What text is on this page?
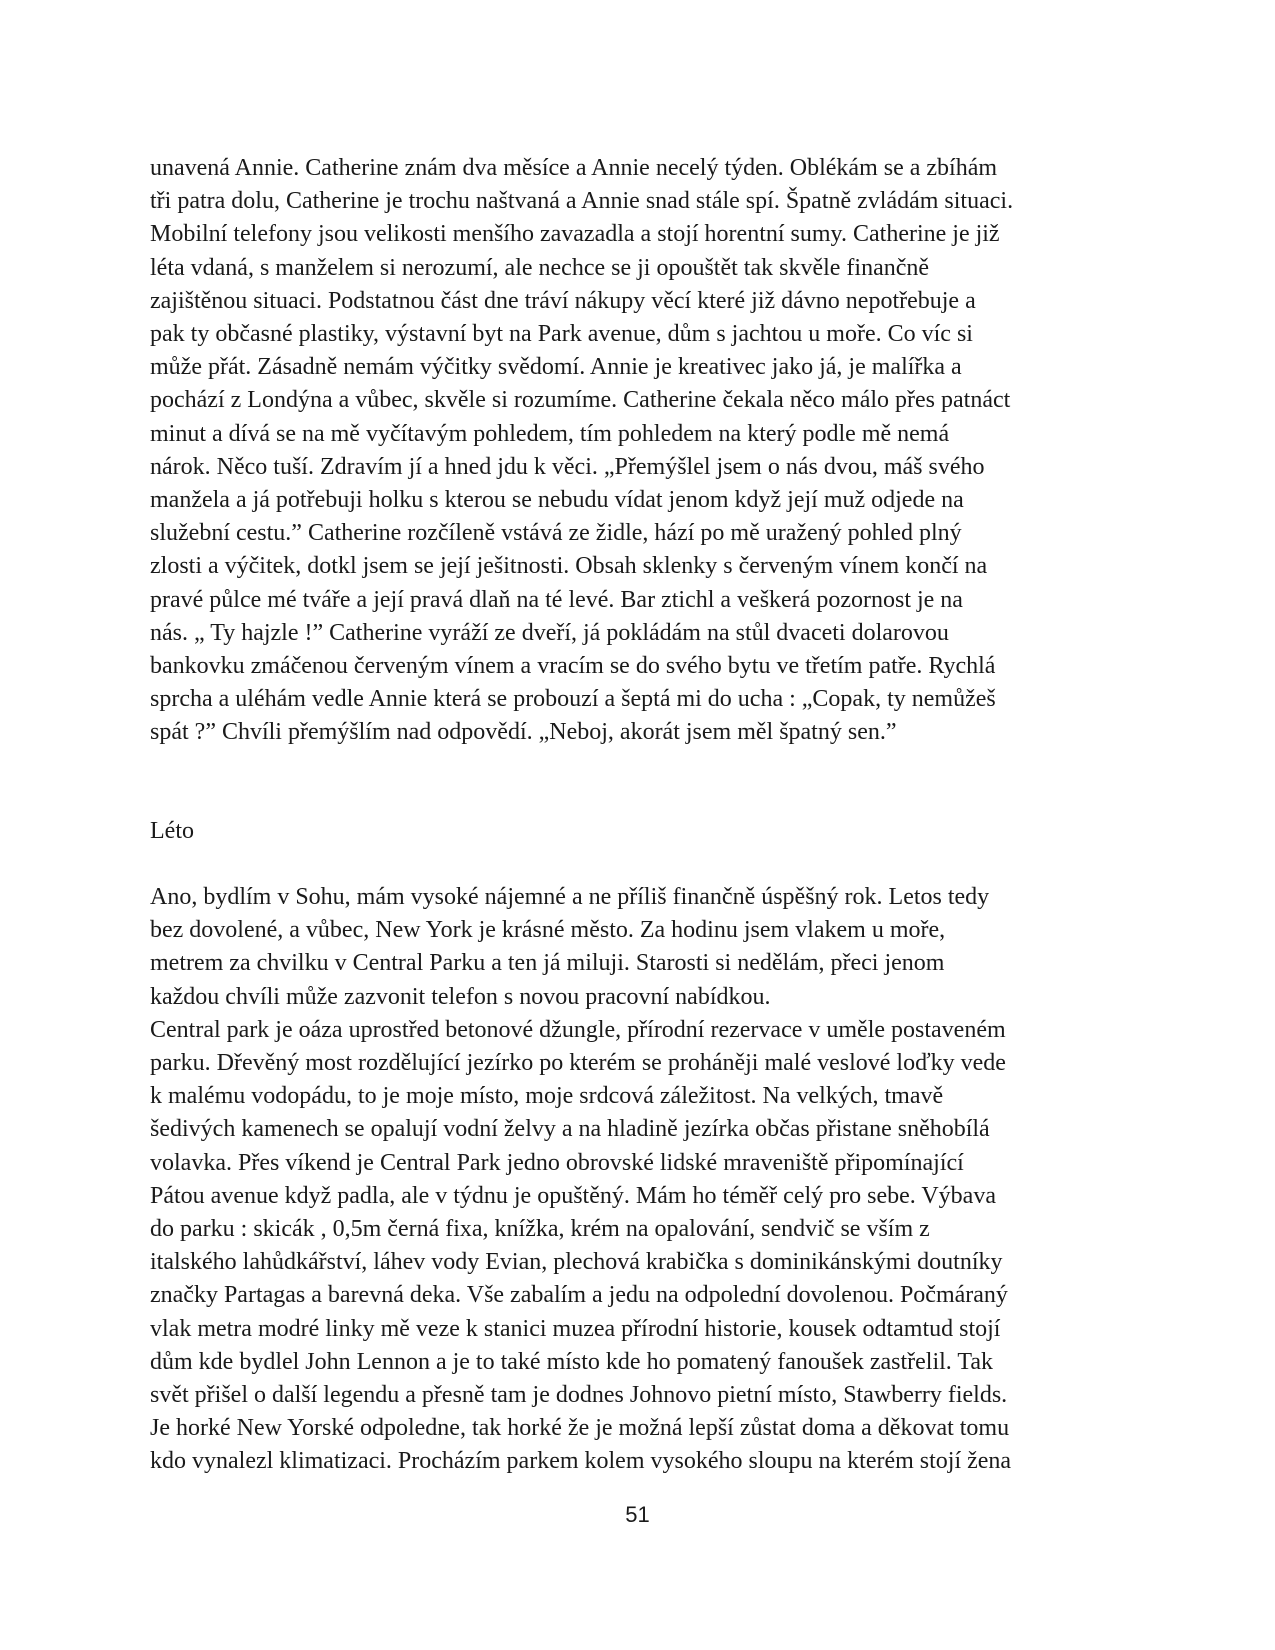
unavená Annie. Catherine znám dva měsíce a Annie necelý týden. Oblékám se a zbíhám
tři patra dolu, Catherine je trochu naštvaná a Annie snad stále spí. Špatně zvládám situaci.
Mobilní telefony jsou velikosti menšího zavazadla a stojí horentní sumy. Catherine je již
léta vdaná, s manželem si nerozumí, ale nechce se ji opouštět tak skvěle finančně
zajištěnou situaci. Podstatnou část dne tráví nákupy věcí které již dávno nepotřebuje a
pak ty občasné plastiky, výstavní byt na Park avenue, dům s jachtou u moře. Co víc si
může přát. Zásadně nemám výčitky svědomí. Annie je kreativec jako já, je malířka a
pochází z Londýna a vůbec, skvěle si rozumíme. Catherine čekala něco málo přes patnáct
minut a dívá se na mě vyčítavým pohledem, tím pohledem na který podle mě nemá
nárok. Něco tuší. Zdravím jí a hned jdu k věci. „Přemýšlel jsem o nás dvou, máš svého
manžela a já potřebuji holku s kterou se nebudu vídat jenom když její muž odjede na
služební cestu.” Catherine rozčíleně vstává ze židle, hází po mě uražený pohled plný
zlosti a výčitek, dotkl jsem se její ješitnosti. Obsah sklenky s červeným vínem končí na
pravé půlce mé tváře a její pravá dlaň na té levé. Bar ztichl a veškerá pozornost je na
nás. „ Ty hajzle !” Catherine vyráží ze dveří, já pokládám na stůl dvaceti dolarovou
bankovku zmáčenou červeným vínem a vracím se do svého bytu ve třetím patře. Rychlá
sprcha a uléhám vedle Annie která se probouzí a šeptá mi do ucha : „Copak, ty nemůžeš
spát ?” Chvíli přemýšlím nad odpovědí. „Neboj, akorát jsem měl špatný sen.”
Léto
Ano, bydlím v Sohu, mám vysoké nájemné a ne příliš finančně úspěšný rok. Letos tedy
bez dovolené, a vůbec, New York je krásné město. Za hodinu jsem vlakem u moře,
metrem za chvilku v Central Parku a ten já miluji. Starosti si nedělám, přeci jenom
každou chvíli může zazvonit telefon s novou pracovní nabídkou.
Central park je oáza uprostřed betonové džungle, přírodní rezervace v uměle postaveném
parku. Dřevěný most rozdělující jezírko po kterém se proháněji malé veslové loďky vede
k malému vodopádu, to je moje místo, moje srdcová záležitost. Na velkých, tmavě
šedivých kamenech se opalují vodní želvy a na hladině jezírka občas přistane sněhobílá
volavka. Přes víkend je Central Park jedno obrovské lidské mraveniště připomínající
Pátou avenue když padla, ale v týdnu je opuštěný. Mám ho téměř celý pro sebe. Výbava
do parku : skicák , 0,5m černá fixa, knížka, krém na opalování, sendvič se vším z
italského lahůdkářství, láhev vody Evian, plechová krabička s dominikánskými doutníky
značky Partagas a barevná deka. Vše zabalím a jedu na odpolední dovolenou. Počmáraný
vlak metra modré linky mě veze k stanici muzea přírodní historie, kousek odtamtud stojí
dům kde bydlel John Lennon a je to také místo kde ho pomatený fanoušek zastřelil. Tak
svět přišel o další legendu a přesně tam je dodnes Johnovo pietní místo, Stawberry fields.
Je horké New Yorské odpoledne, tak horké že je možná lepší zůstat doma a děkovat tomu
kdo vynalezl klimatizaci. Procházím parkem kolem vysokého sloupu na kterém stojí žena
51
